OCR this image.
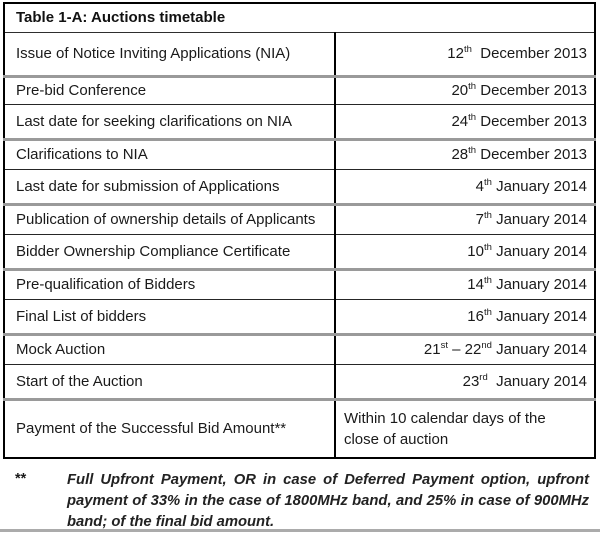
Table 1-A: Auctions timetable	
Issue of Notice Inviting Applications (NIA)	12th  December 2013
Pre-bid Conference	20th December 2013
Last date for seeking clarifications on NIA	24th December 2013
Clarifications to NIA	28th December 2013
Last date for submission of Applications	4th January 2014
Publication of ownership details of Applicants	7th January 2014
Bidder Ownership Compliance Certificate	10th January 2014
Pre-qualification of Bidders	14th January 2014
Final List of bidders	16th January 2014
Mock Auction	21st – 22nd January 2014
Start of the Auction	23rd  January 2014
Payment of the Successful Bid Amount**	Within 10 calendar days of the close of auction
**	Full Upfront Payment, OR in case of Deferred Payment option, upfront payment of 33% in the case of 1800MHz band, and 25% in case of 900MHz band; of the final bid amount.
